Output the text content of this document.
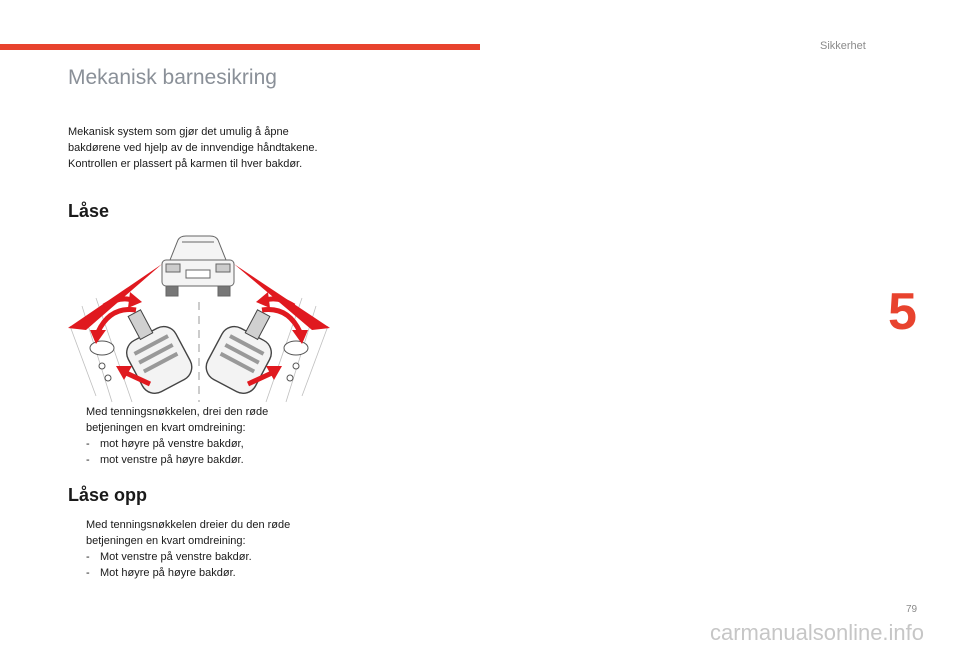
Sikkerhet
5
Mekanisk barnesikring

Mekanisk system som gjør det umulig å åpne bakdørene ved hjelp av de innvendige håndtakene.

Kontrollen er plassert på karmen til hver bakdør.

Låse
Med tenningsnøkkelen, drei den røde betjeningen en kvart omdreining:
- mot høyre på venstre bakdør,
- mot venstre på høyre bakdør.
Låse opp
Med tenningsnøkkelen dreier du den røde betjeningen en kvart omdreining:
- Mot venstre på venstre bakdør.
- Mot høyre på høyre bakdør.
79
carmanualsonline.info
